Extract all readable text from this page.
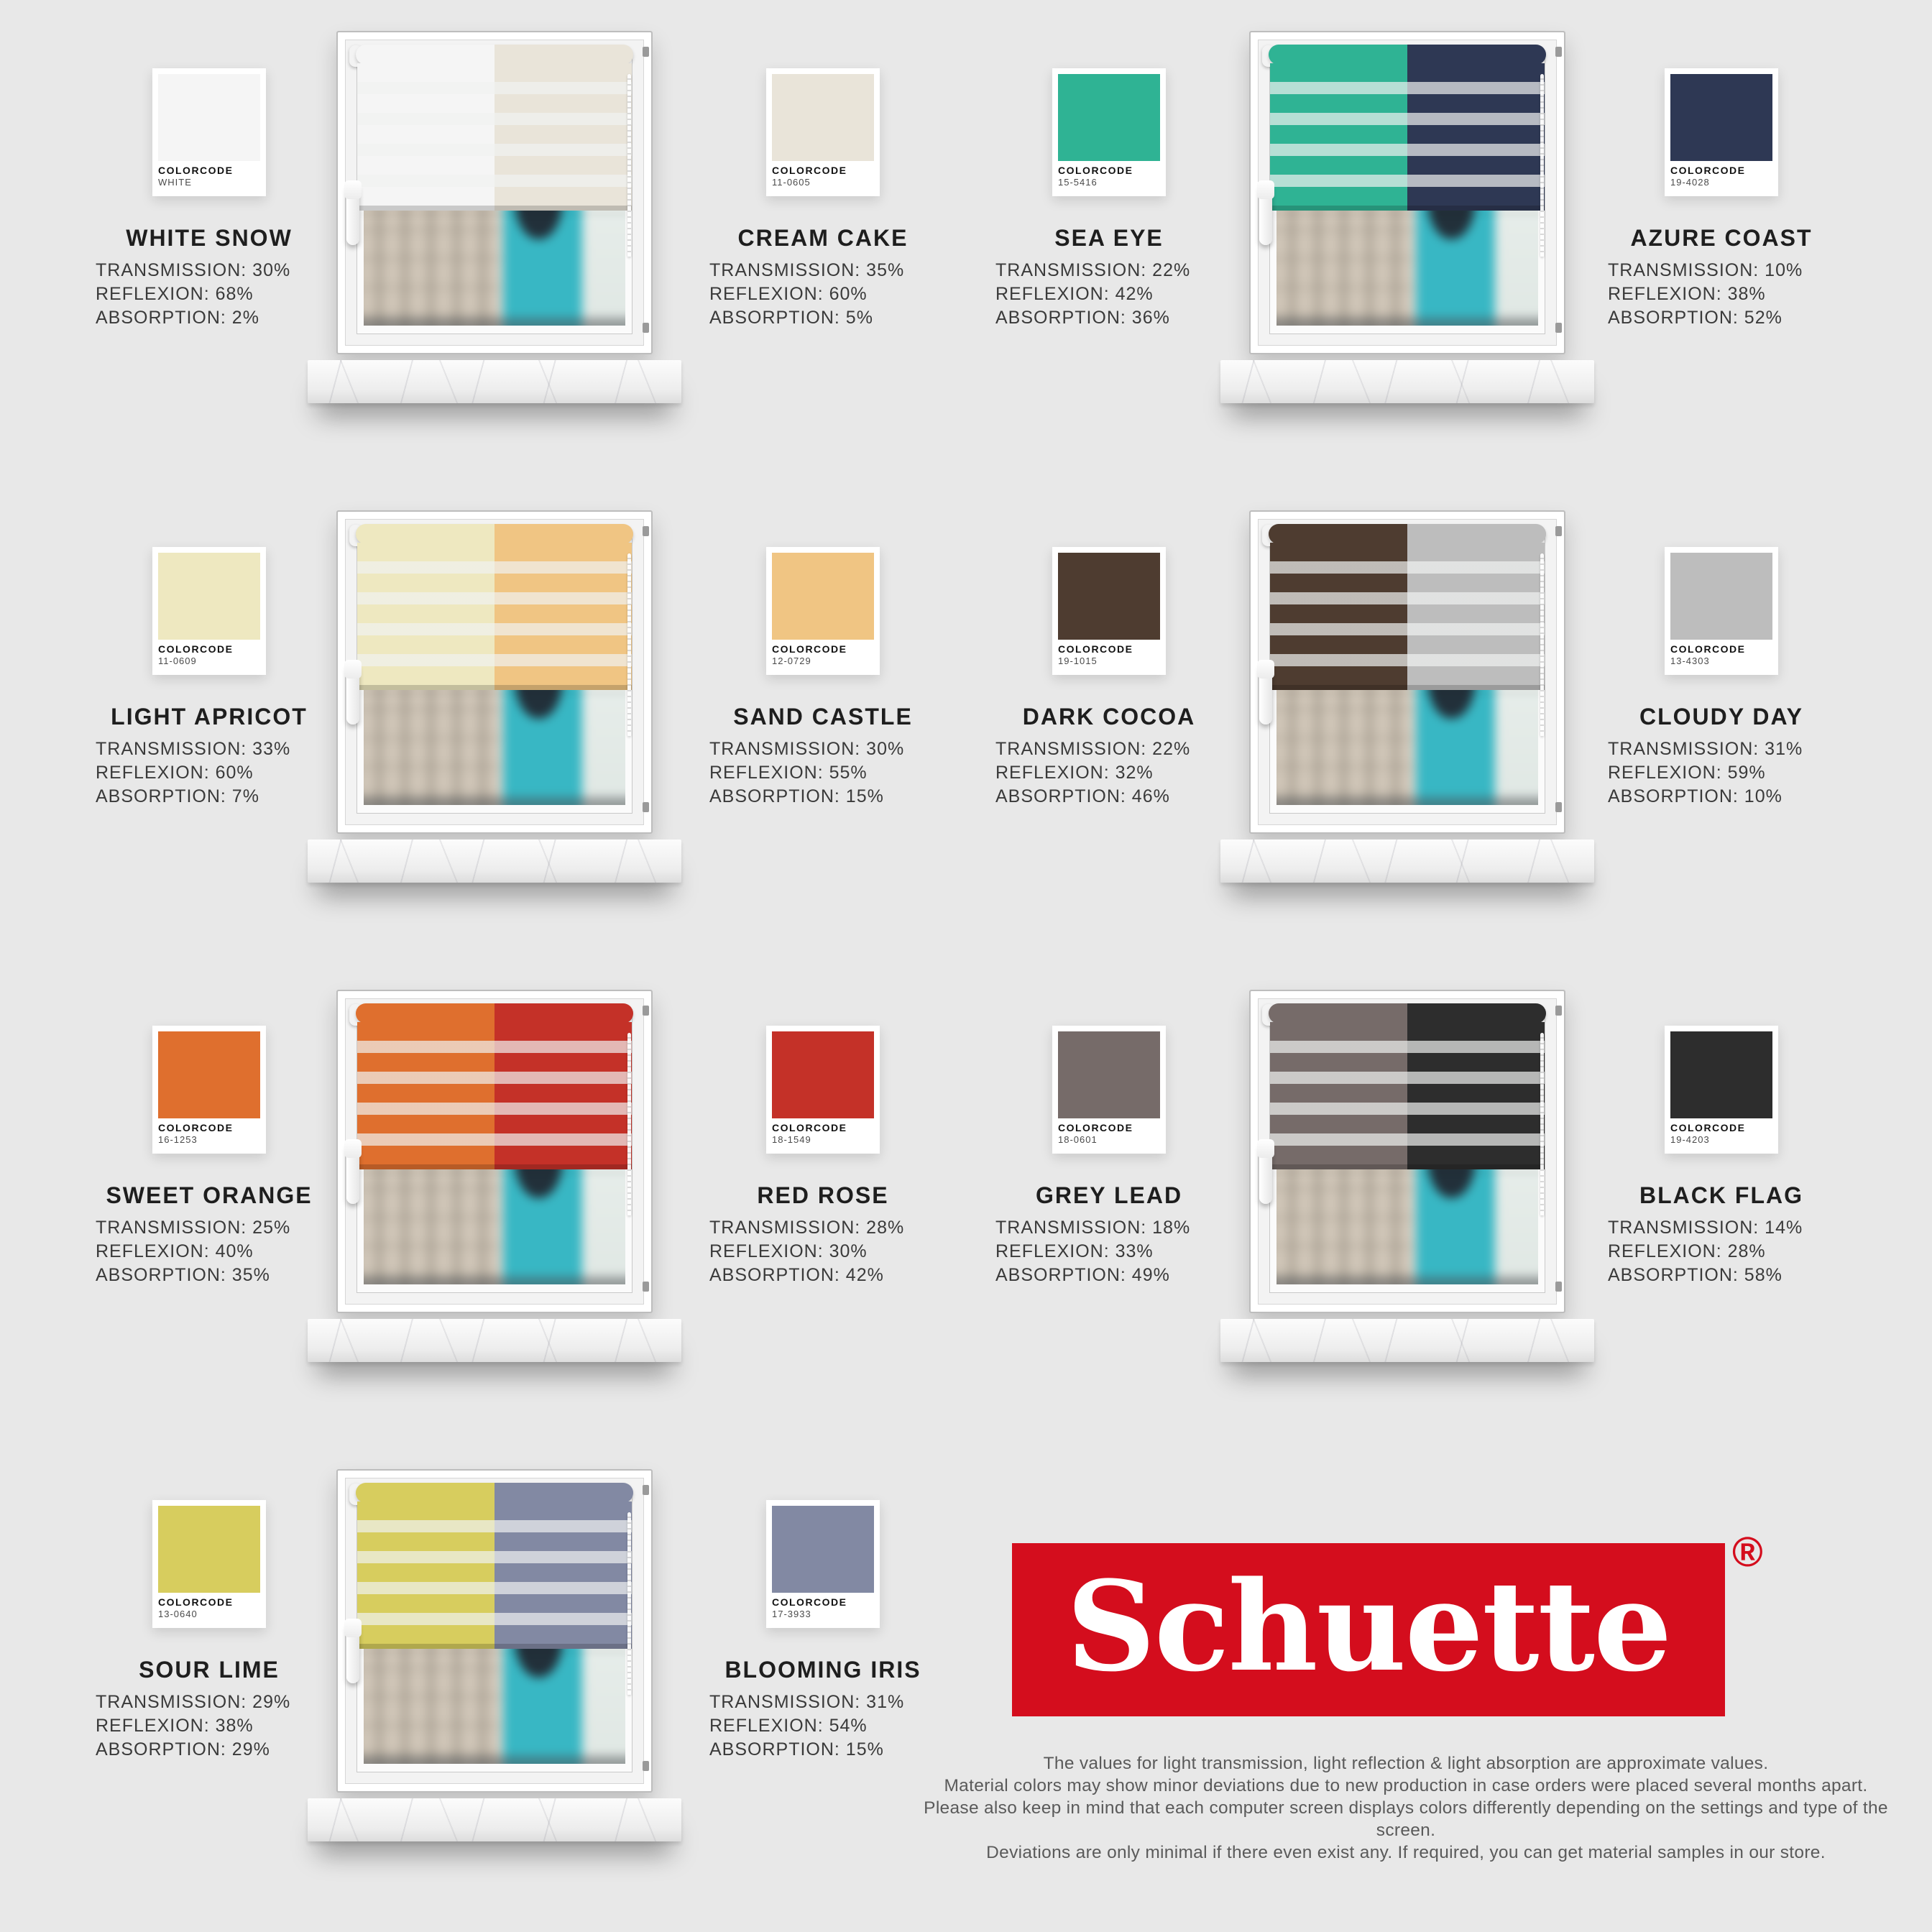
COLORCODE
WHITE
WHITE SNOW
TRANSMISSION: 30%
REFLEXION: 68%
ABSORPTION: 2%
COLORCODE
11-0605
CREAM CAKE
TRANSMISSION: 35%
REFLEXION: 60%
ABSORPTION: 5%
COLORCODE
15-5416
SEA EYE
TRANSMISSION: 22%
REFLEXION: 42%
ABSORPTION: 36%
COLORCODE
19-4028
AZURE COAST
TRANSMISSION: 10%
REFLEXION: 38%
ABSORPTION: 52%
COLORCODE
11-0609
LIGHT APRICOT
TRANSMISSION: 33%
REFLEXION: 60%
ABSORPTION: 7%
COLORCODE
12-0729
SAND CASTLE
TRANSMISSION: 30%
REFLEXION: 55%
ABSORPTION: 15%
COLORCODE
19-1015
DARK COCOA
TRANSMISSION: 22%
REFLEXION: 32%
ABSORPTION: 46%
COLORCODE
13-4303
CLOUDY DAY
TRANSMISSION: 31%
REFLEXION: 59%
ABSORPTION: 10%
COLORCODE
16-1253
SWEET ORANGE
TRANSMISSION: 25%
REFLEXION: 40%
ABSORPTION: 35%
COLORCODE
18-1549
RED ROSE
TRANSMISSION: 28%
REFLEXION: 30%
ABSORPTION: 42%
COLORCODE
18-0601
GREY LEAD
TRANSMISSION: 18%
REFLEXION: 33%
ABSORPTION: 49%
COLORCODE
19-4203
BLACK FLAG
TRANSMISSION: 14%
REFLEXION: 28%
ABSORPTION: 58%
COLORCODE
13-0640
SOUR LIME
TRANSMISSION: 29%
REFLEXION: 38%
ABSORPTION: 29%
COLORCODE
17-3933
BLOOMING IRIS
TRANSMISSION: 31%
REFLEXION: 54%
ABSORPTION: 15%
Schuette
®
The values for light transmission, light reflection & light absorption are approximate values.
Material colors may show minor deviations due to new production in case orders were placed several months apart.
Please also keep in mind that each computer screen displays colors differently depending on the settings and type of the screen.
Deviations are only minimal if there even exist any. If required, you can get material samples in our store.
